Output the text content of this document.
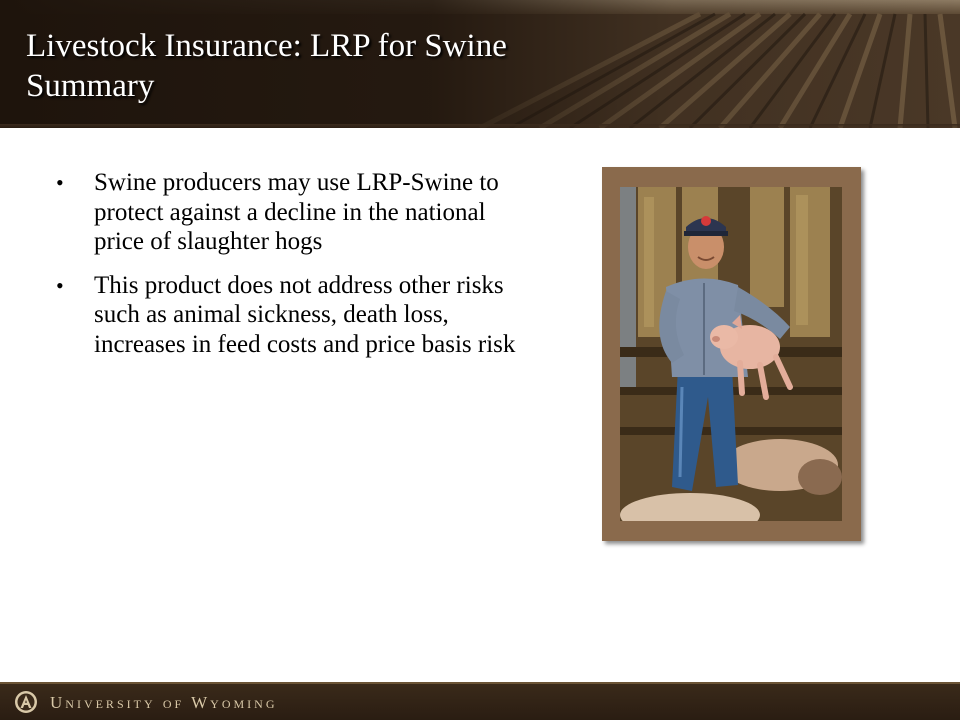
Livestock Insurance: LRP for Swine Summary
• Swine producers may use LRP-Swine to protect against a decline in the national price of slaughter hogs
• This product does not address other risks such as animal sickness, death loss, increases in feed costs and price basis risk
University of Wyoming
